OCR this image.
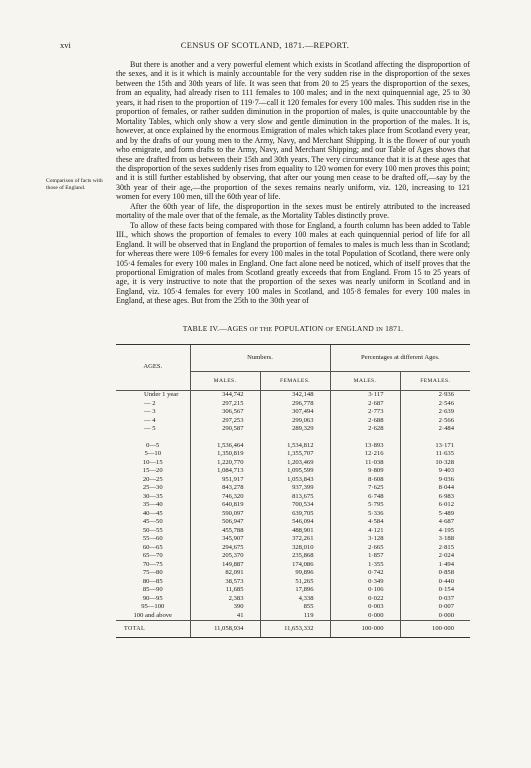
xvi	CENSUS OF SCOTLAND, 1871.—REPORT.

But there is another and a very powerful element which exists in Scotland affecting the disproportion of the sexes, and it is it which is mainly accountable for the very sudden rise in the disproportion of the sexes between the 15th and 30th years of life. It was seen that from 20 to 25 years the disproportion of the sexes, from an equality, had already risen to 111 females to 100 males; and in the next quinquennial age, 25 to 30 years, it had risen to the proportion of 119·7—call it 120 females for every 100 males. This sudden rise in the proportion of females, or rather sudden diminution in the proportion of males, is quite unaccountable by the Mortality Tables, which only show a very slow and gentle diminution in the proportion of the males. It is, however, at once explained by the enormous Emigration of males which takes place from Scotland every year, and by the drafts of our young men to the Army, Navy, and Merchant Shipping. It is the flower of our youth who emigrate, and form drafts to the Army, Navy, and Merchant Shipping; and our Table of Ages shows that these are drafted from us between their 15th and 30th years. The very circumstance that it is at these ages that the disproportion of the sexes suddenly rises from equality to 120 women for every 100 men proves this point; and it is still further established by observing, that after our young men cease to be drafted off,—say by the 30th year of their age,—the proportion of the sexes remains nearly uniform, viz. 120, increasing to 121 women for every 100 men, till the 60th year of life.

After the 60th year of life, the disproportion in the sexes must be entirely attributed to the increased mortality of the male over that of the female, as the Mortality Tables distinctly prove.

To allow of these facts being compared with those for England, a fourth column has been added to Table III., which shows the proportion of females to every 100 males at each quinquennial period of life for all England. It will be observed that in England the proportion of females to males is much less than in Scotland; for whereas there were 109·6 females for every 100 males in the total Population of Scotland, there were only 105·4 females for every 100 males in England. One fact alone need be noticed, which of itself proves that the proportional Emigration of males from Scotland greatly exceeds that from England. From 15 to 25 years of age, it is very instructive to note that the proportion of the sexes was nearly uniform in Scotland and in England, viz. 105·4 females for every 100 males in Scotland, and 105·8 females for every 100 males in England, at these ages. But from the 25th to the 30th year of

Comparison of facts with those of England.
TABLE IV.—AGES OF THE POPULATION OF ENGLAND IN 1871.
AGES.	Numbers.		Percentages at different Ages.	
	MALES.	FEMALES.	MALES.	FEMALES.
Under 1 year	344,742	342,148	3·117	2·936
— 2	297,215	296,778	2·687	2·546
— 3	306,567	307,494	2·773	2·639
— 4	297,253	299,063	2·688	2·566
— 5	290,587	289,329	2·628	2·484

0—5	1,536,464	1,534,812	13·893	13·171
5—10	1,350,819	1,355,707	12·216	11·635
10—15	1,220,770	1,203,469	11·038	10·328
15—20	1,084,713	1,095,599	9·809	9·403
20—25	951,917	1,053,843	8·608	9·036
25—30	843,278	937,399	7·625	8·044
30—35	746,320	813,675	6·748	6·983
35—40	640,819	700,534	5·795	6·012
40—45	590,097	639,705	5·336	5·489
45—50	506,947	546,094	4·584	4·687
50—55	455,788	488,901	4·121	4·195
55—60	345,907	372,261	3·128	3·188
60—65	294,675	328,010	2·665	2·815
65—70	205,370	235,868	1·857	2·024
70—75	149,887	174,086	1·355	1·494
75—80	82,091	99,896	0·742	0·858
80—85	38,573	51,265	0·349	0·440
85—90	11,685	17,896	0·106	0·154
90—95	2,383	4,338	0·022	0·037
95—100	390	855	0·003	0·007
100 and above	41	119	0·000	0·000
TOTAL	11,058,934	11,653,332	100·000	100·000
